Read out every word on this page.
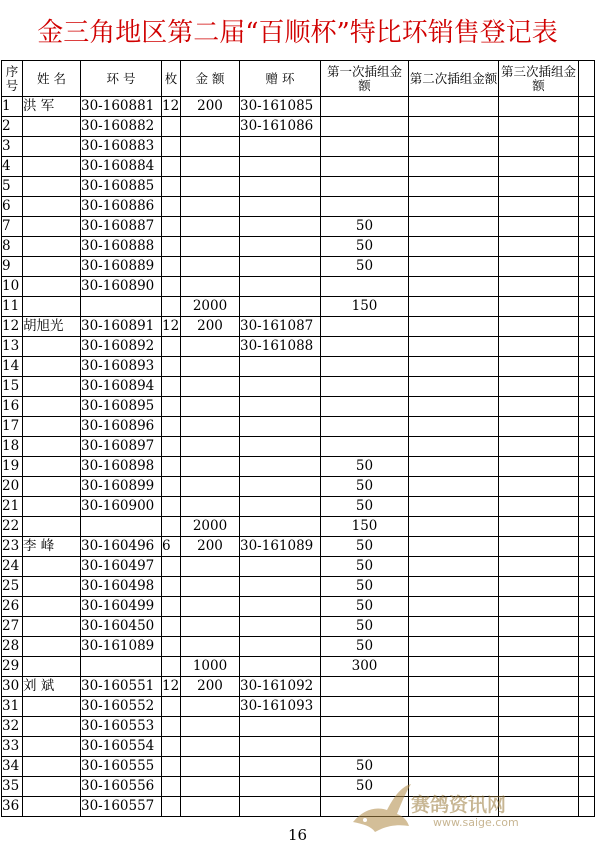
金三角地区第二届“百顺杯”特比环销售登记表
序号	姓 名	环 号	枚	金 额	赠 环	第一次插组金额	第二次插组金额	第三次插组金额	
1	洪 军	30-160881	12	200	30-161085				
2		30-160882			30-161086				
3		30-160883							
4		30-160884							
5		30-160885							
6		30-160886							
7		30-160887				50			
8		30-160888				50			
9		30-160889				50			
10		30-160890							
11				2000		150			
12	胡旭光	30-160891	12	200	30-161087				
13		30-160892			30-161088				
14		30-160893							
15		30-160894							
16		30-160895							
17		30-160896							
18		30-160897							
19		30-160898				50			
20		30-160899				50			
21		30-160900				50			
22				2000		150			
23	李 峰	30-160496	6	200	30-161089	50			
24		30-160497				50			
25		30-160498				50			
26		30-160499				50			
27		30-160450				50			
28		30-161089				50			
29				1000		300			
30	刘 斌	30-160551	12	200	30-161092				
31		30-160552			30-161093				
32		30-160553							
33		30-160554							
34		30-160555				50			
35		30-160556				50			
36		30-160557								赛鸽资讯网
www.saige.com
16
